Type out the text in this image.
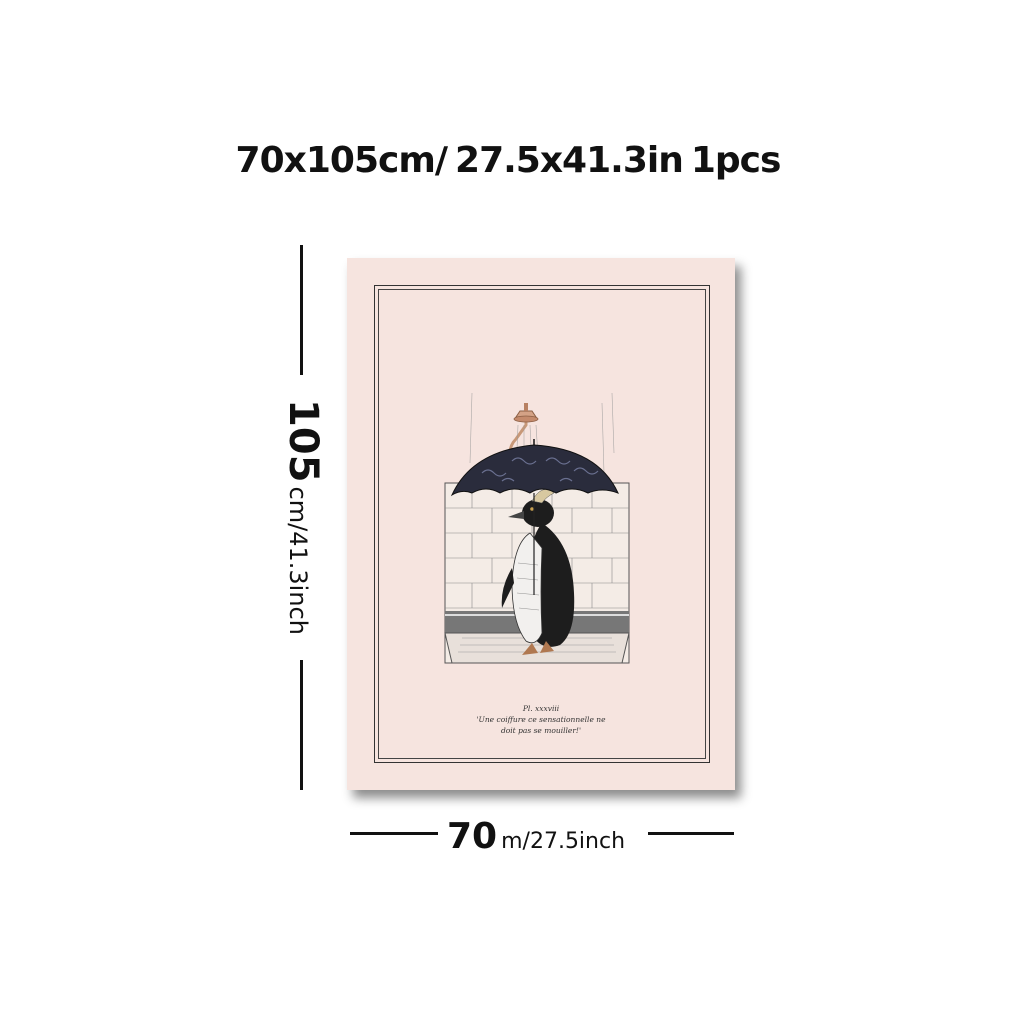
70x105cm/ 27.5x41.3in 1pcs
105
cm/41.3inch
Pl. xxxviii
'Une coiffure ce sensationnelle ne
doit pas se mouiller!'
70 m/27.5inch
